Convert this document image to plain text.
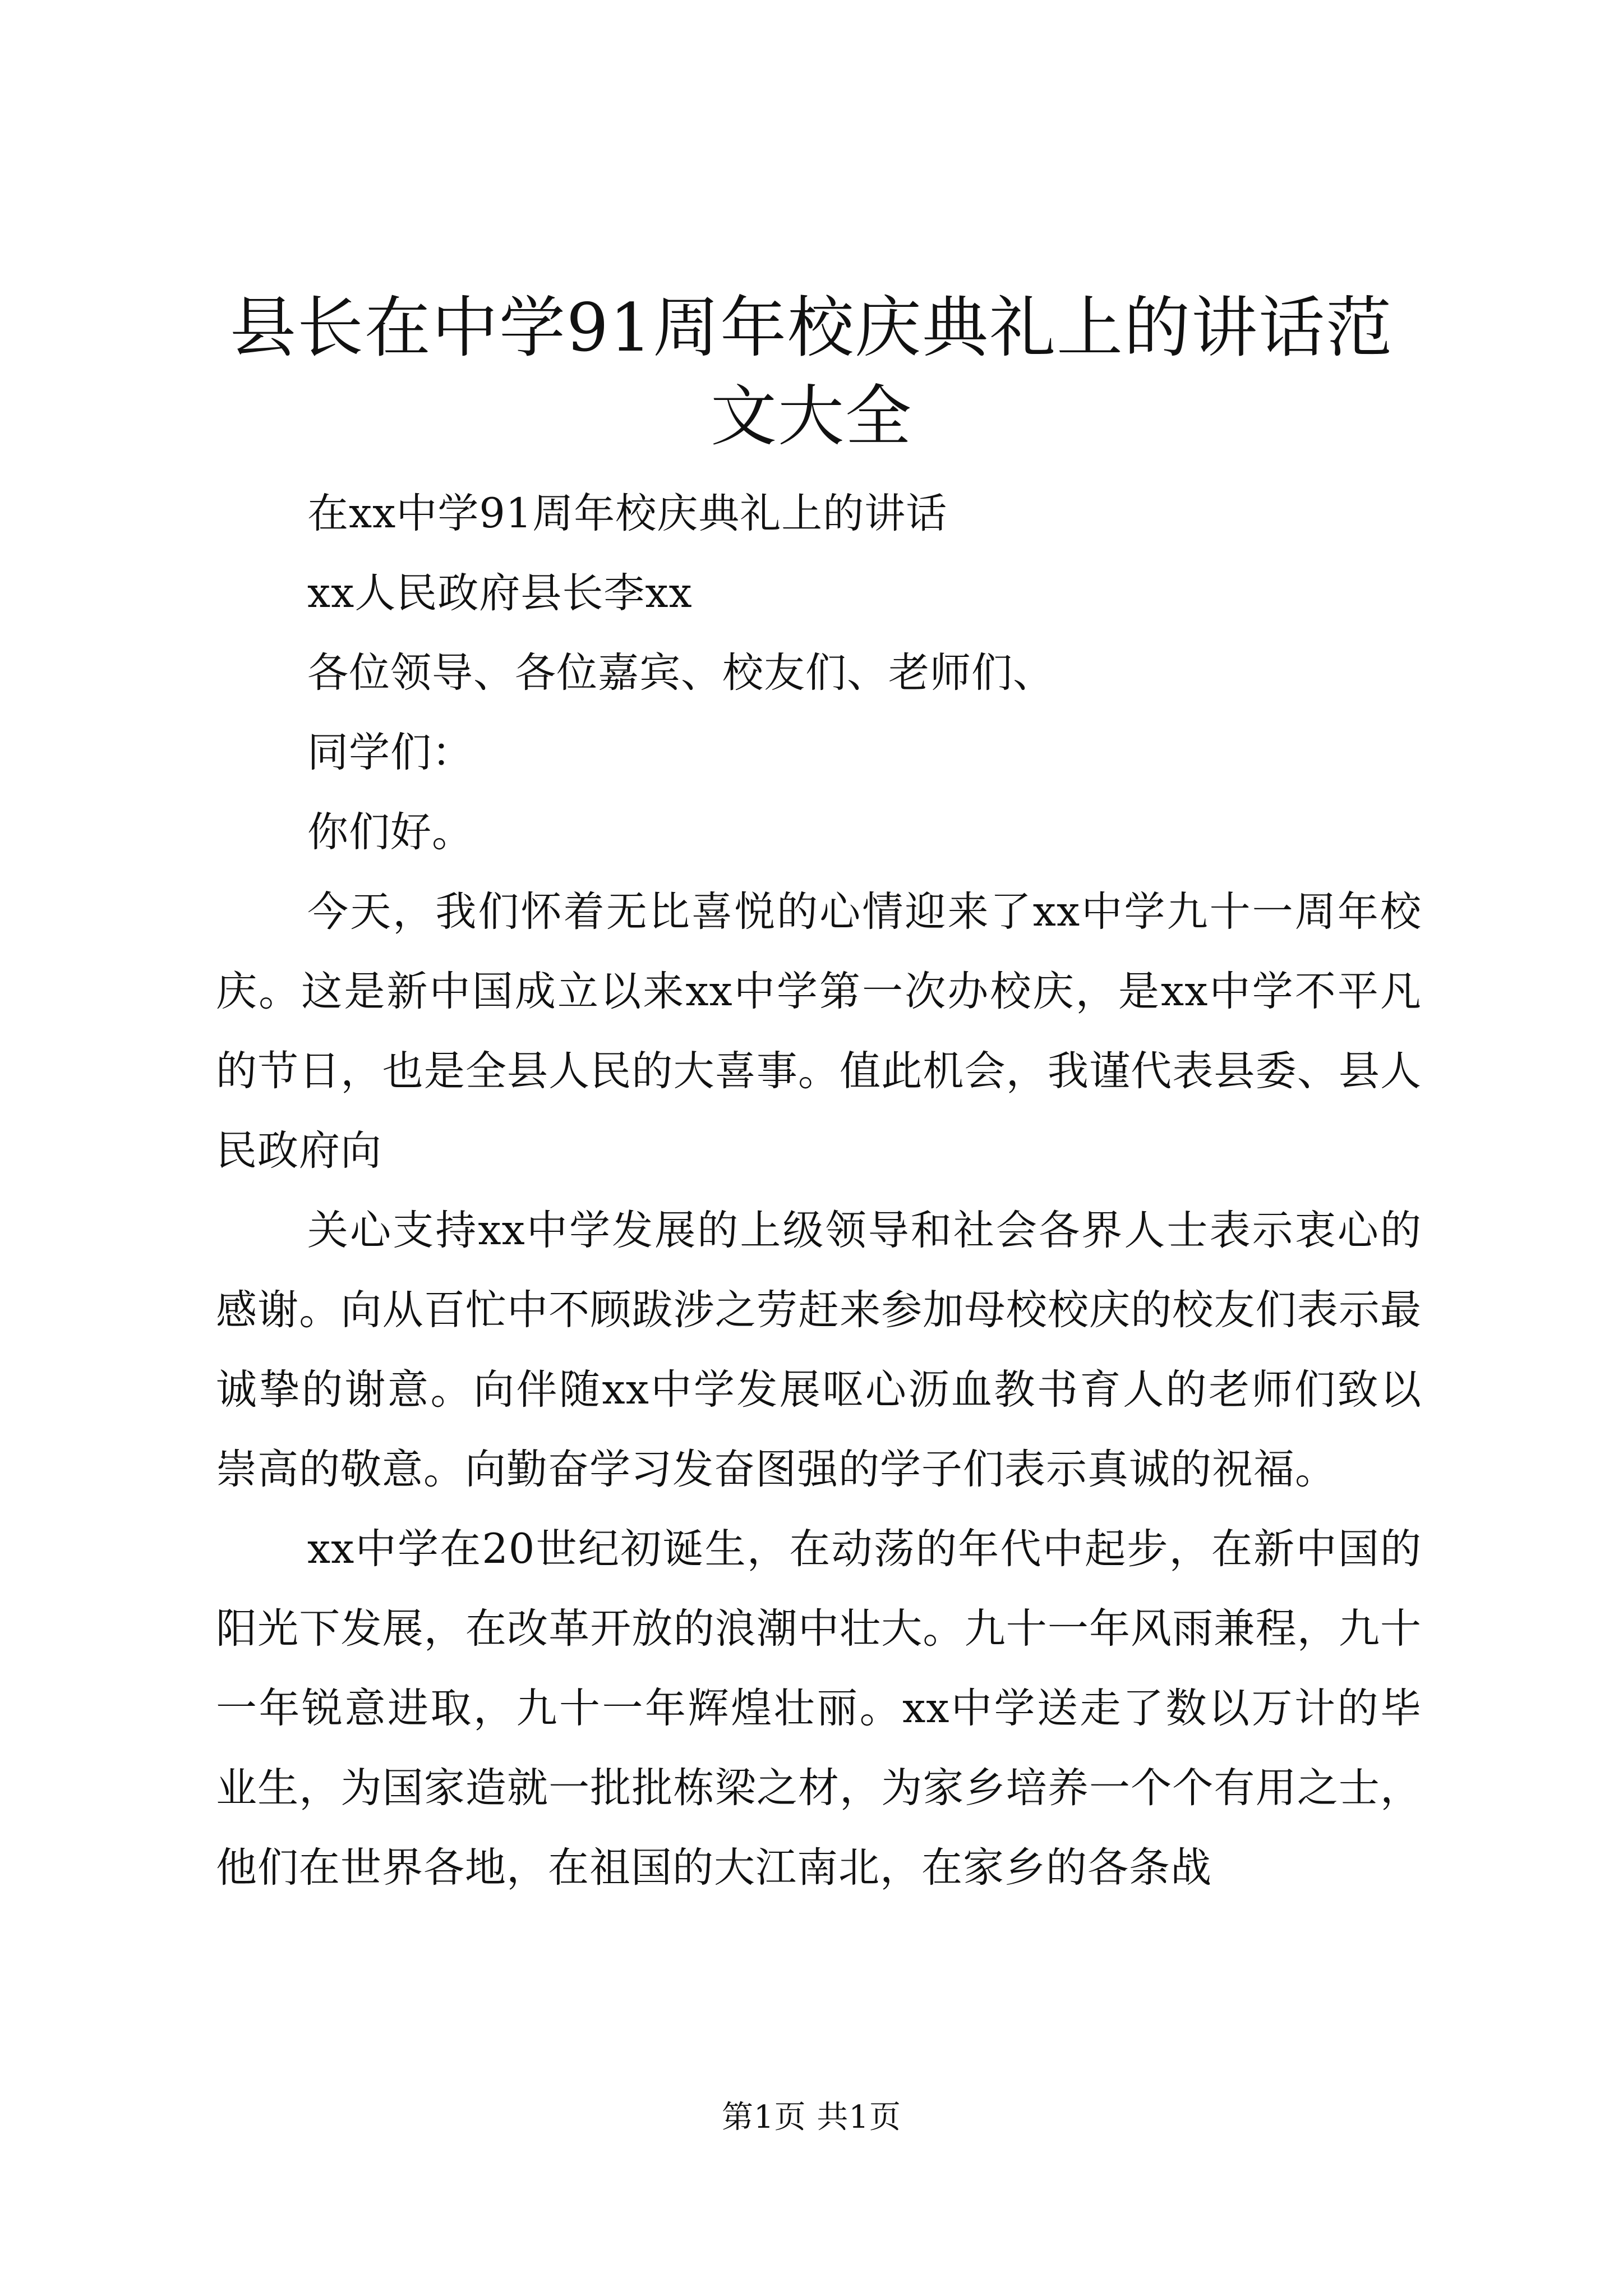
县长在中学91周年校庆典礼上的讲话范文大全

在xx中学91周年校庆典礼上的讲话

xx人民政府县长李xx

各位领导、各位嘉宾、校友们、老师们、

同学们：

你们好。

今天，我们怀着无比喜悦的心情迎来了xx中学九十一周年校庆。这是新中国成立以来xx中学第一次办校庆，是xx中学不平凡的节日，也是全县人民的大喜事。值此机会，我谨代表县委、县人民政府向

关心支持xx中学发展的上级领导和社会各界人士表示衷心的感谢。向从百忙中不顾跋涉之劳赶来参加母校校庆的校友们表示最诚挚的谢意。向伴随xx中学发展呕心沥血教书育人的老师们致以崇高的敬意。向勤奋学习发奋图强的学子们表示真诚的祝福。

xx中学在20世纪初诞生，在动荡的年代中起步，在新中国的阳光下发展，在改革开放的浪潮中壮大。九十一年风雨兼程，九十一年锐意进取，九十一年辉煌壮丽。xx中学送走了数以万计的毕业生，为国家造就一批批栋梁之材，为家乡培养一个个有用之士，他们在世界各地，在祖国的大江南北，在家乡的各条战

第1页 共1页
